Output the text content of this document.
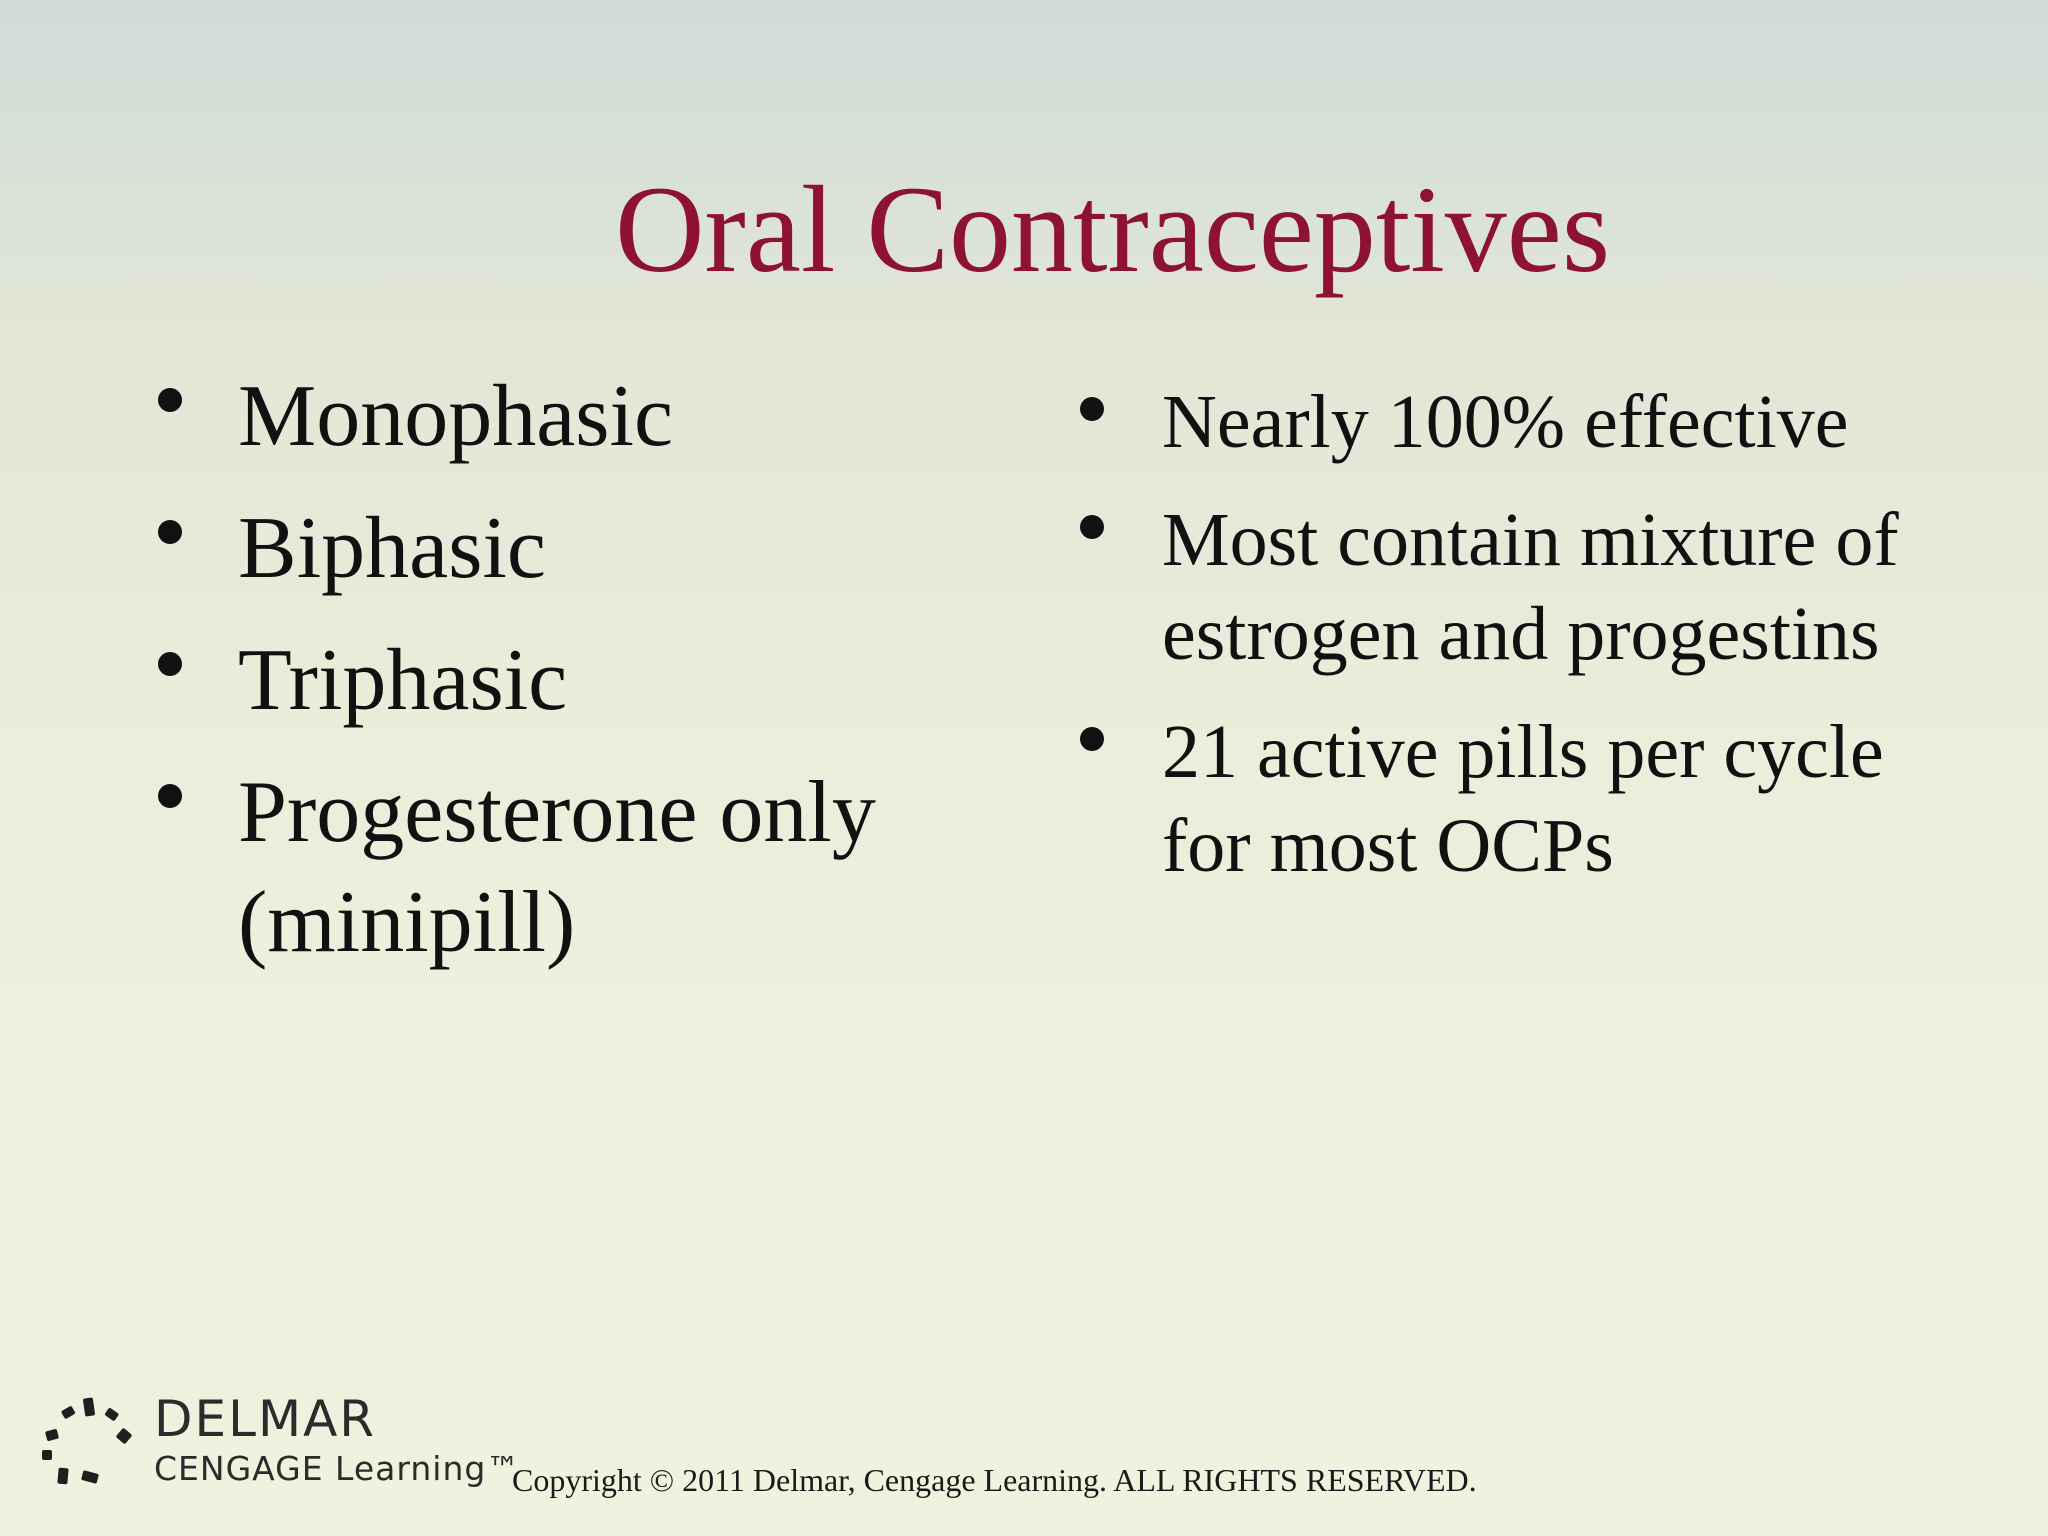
Oral Contraceptives
Monophasic
Biphasic
Triphasic
Progesterone only (minipill)
Nearly 100% effective
Most contain mixture of estrogen and progestins
21 active pills per cycle for most OCPs
DELMAR
CENGAGE Learning™
Copyright © 2011 Delmar, Cengage Learning. ALL RIGHTS RESERVED.
